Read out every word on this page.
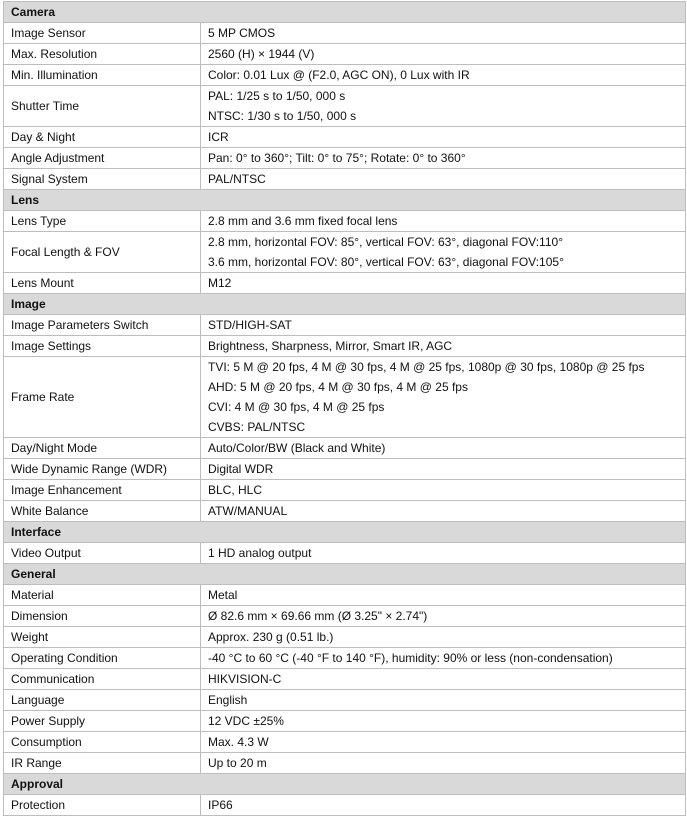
Camera	
Image Sensor	5 MP CMOS

Max. Resolution	2560 (H) × 1944 (V)

Min. Illumination	Color: 0.01 Lux @ (F2.0, AGC ON), 0 Lux with IR

Shutter Time	PAL: 1/25 s to 1/50, 000 s
NTSC: 1/30 s to 1/50, 000 s

Day & Night	ICR

Angle Adjustment	Pan: 0° to 360°; Tilt: 0° to 75°; Rotate: 0° to 360°

Signal System	PAL/NTSC

Lens	
Lens Type	2.8 mm and 3.6 mm fixed focal lens

Focal Length & FOV	2.8 mm, horizontal FOV: 85°, vertical FOV: 63°, diagonal FOV:110°
3.6 mm, horizontal FOV: 80°, vertical FOV: 63°, diagonal FOV:105°

Lens Mount	M12

Image	
Image Parameters Switch	STD/HIGH-SAT

Image Settings	Brightness, Sharpness, Mirror, Smart IR, AGC

Frame Rate	TVI: 5 M @ 20 fps, 4 M @ 30 fps, 4 M @ 25 fps, 1080p @ 30 fps, 1080p @ 25 fps
AHD: 5 M @ 20 fps, 4 M @ 30 fps, 4 M @ 25 fps
CVI: 4 M @ 30 fps, 4 M @ 25 fps
CVBS: PAL/NTSC

Day/Night Mode	Auto/Color/BW (Black and White)

Wide Dynamic Range (WDR)	Digital WDR

Image Enhancement	BLC, HLC

White Balance	ATW/MANUAL

Interface	
Video Output	1 HD analog output

General	
Material	Metal

Dimension	Ø 82.6 mm × 69.66 mm (Ø 3.25" × 2.74")

Weight	Approx. 230 g (0.51 lb.)

Operating Condition	-40 °C to 60 °C (-40 °F to 140 °F), humidity: 90% or less (non-condensation)

Communication	HIKVISION-C

Language	English

Power Supply	12 VDC ±25%

Consumption	Max. 4.3 W

IR Range	Up to 20 m

Approval	
Protection	IP66
